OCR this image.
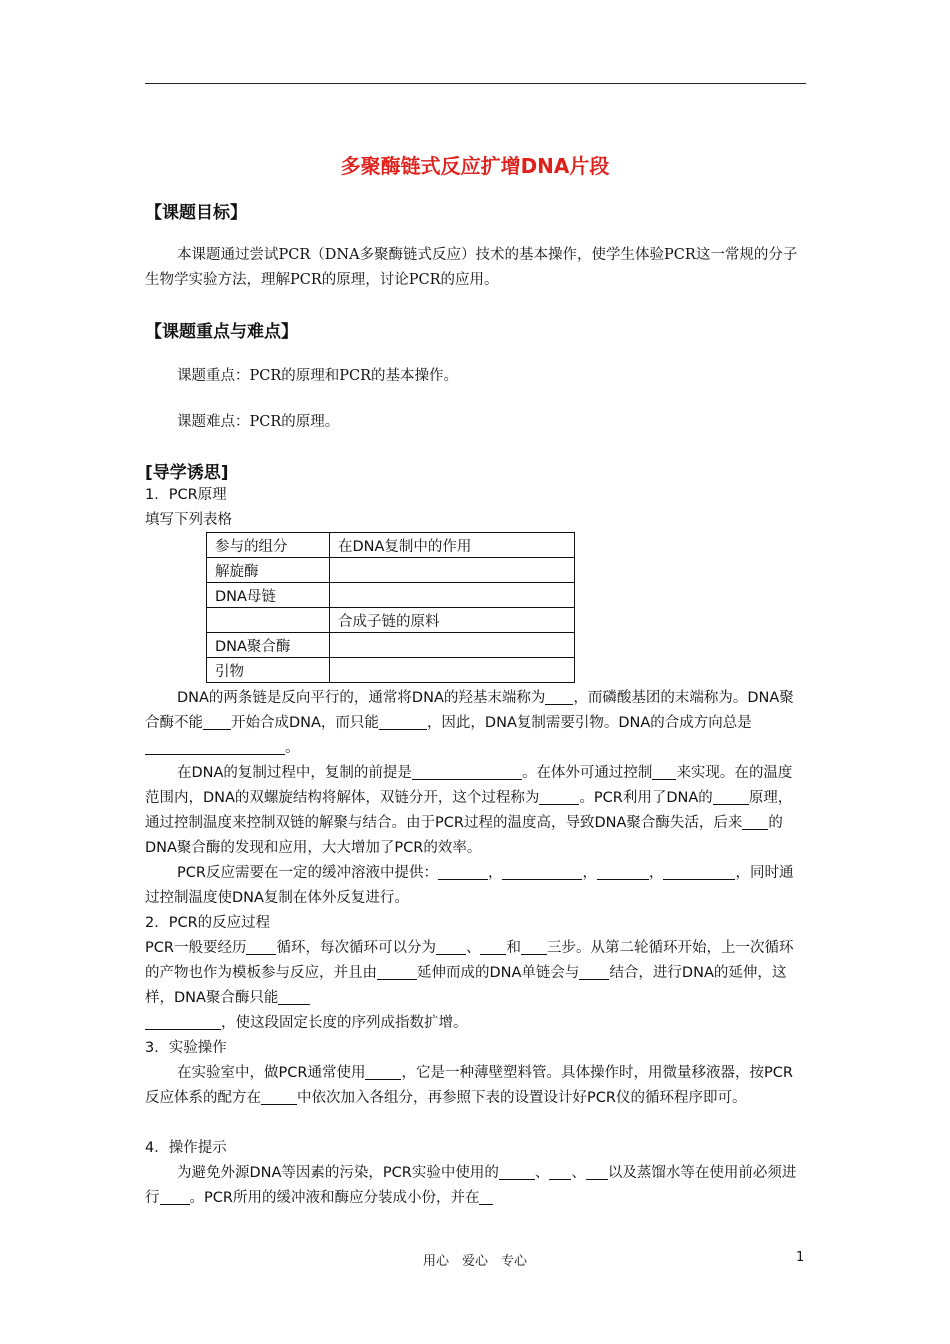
多聚酶链式反应扩增DNA片段
【课题目标】
本课题通过尝试PCR（DNA多聚酶链式反应）技术的基本操作，使学生体验PCR这一常规的分子生物学实验方法，理解PCR的原理，讨论PCR的应用。
【课题重点与难点】
课题重点：PCR的原理和PCR的基本操作。
课题难点：PCR的原理。
[导学诱思]
1．PCR原理
填写下列表格
参与的组分	在DNA复制中的作用
解旋酶	
DNA母链	
	合成子链的原料
DNA聚合酶	
引物	
DNA的两条链是反向平行的，通常将DNA的羟基末端称为 ，而磷酸基团的末端称为。DNA聚合酶不能 开始合成DNA，而只能	，因此，DNA复制需要引物。DNA的合成方向总是。
在DNA的复制过程中，复制的前提是	。在体外可通过控制 来实现。在的温度范围内，DNA的双螺旋结构将解体，双链分开，这个过程称为	。PCR利用了DNA的 原理，通过控制温度来控制双链的解聚与结合。由于PCR过程的温度高，导致DNA聚合酶失活，后来 的DNA聚合酶的发现和应用，大大增加了PCR的效率。
PCR反应需要在一定的缓冲溶液中提供：	，	，	，	，同时通过控制温度使DNA复制在体外反复进行。
2．PCR的反应过程
PCR一般要经历 循环，每次循环可以分为 、 和 三步。从第二轮循环开始，上一次循环的产物也作为模板参与反应，并且由	延伸而成的DNA单链会与 结合，进行DNA的延伸，这样，DNA聚合酶只能
，使这段固定长度的序列成指数扩增。
3．实验操作
在实验室中，做PCR通常使用 ，它是一种薄壁塑料管。具体操作时，用微量移液器，按PCR反应体系的配方在 中依次加入各组分，再参照下表的设置设计好PCR仪的循环程序即可。
4．操作提示
为避免外源DNA等因素的污染，PCR实验中使用的 、 、 以及蒸馏水等在使用前必须进行 。PCR所用的缓冲液和酶应分装成小份，并在
用心　爱心　专心	1
